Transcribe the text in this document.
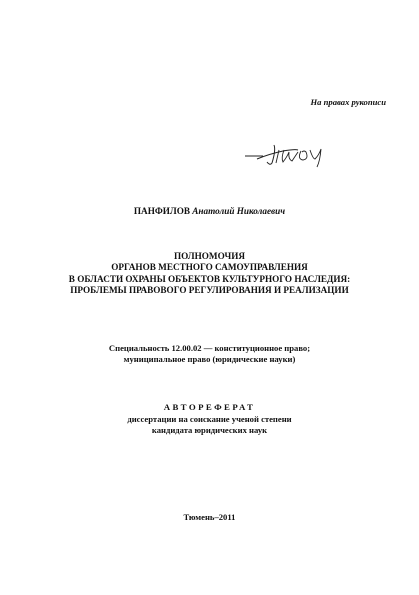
На правах рукописи
ПАНФИЛОВ Анатолий Николаевич
ПОЛНОМОЧИЯ
ОРГАНОВ МЕСТНОГО САМОУПРАВЛЕНИЯ
В ОБЛАСТИ ОХРАНЫ ОБЪЕКТОВ КУЛЬТУРНОГО НАСЛЕДИЯ:
ПРОБЛЕМЫ ПРАВОВОГО РЕГУЛИРОВАНИЯ И РЕАЛИЗАЦИИ
Специальность 12.00.02 — конституционное право;
муниципальное право (юридические науки)
АВТОРЕФЕРАТ
диссертации на соискание ученой степени
кандидата юридических наук
Тюмень–2011
